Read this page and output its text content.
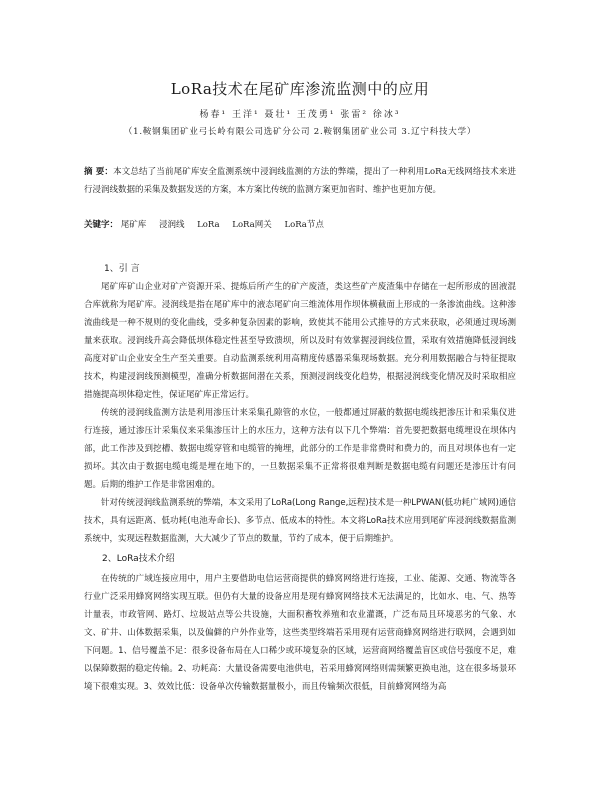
LoRa技术在尾矿库渗流监测中的应用
杨春¹ 王洋¹ 聂壮¹ 王茂勇¹ 张雷² 徐冰³
（1.鞍钢集团矿业弓长岭有限公司选矿分公司 2.鞍钢集团矿业公司 3.辽宁科技大学）
摘 要：本文总结了当前尾矿库安全监测系统中浸润线监测的方法的弊端，提出了一种利用LoRa无线网络技术来进行浸润线数据的采集及数据发送的方案，本方案比传统的监测方案更加省时、维护也更加方便。
关键字： 尾矿库 浸润线 LoRa LoRa网关 LoRa节点
1、引 言

尾矿库矿山企业对矿产资源开采、提炼后所产生的矿产废渣，类这些矿产废渣集中存储在一起所形成的固液混合库就称为尾矿库。浸润线是指在尾矿库中的液态尾矿向三维流体用作坝体横截面上形成的一条渗流曲线。这种渗流曲线是一种不规则的变化曲线，受多种复杂因素的影响，致使其不能用公式推导的方式来获取，必须通过现场测量来获取。浸润线升高会降低坝体稳定性甚至导致溃坝，所以及时有效掌握浸润线位置，采取有效措施降低浸润线高度对矿山企业安全生产至关重要。自动监测系统利用高精度传感器采集现场数据。充分利用数据融合与特征提取技术，构建浸润线预测模型，准确分析数据间潜在关系，预测浸润线变化趋势，根据浸润线变化情况及时采取相应措施提高坝体稳定性，保证尾矿库正常运行。

传统的浸润线监测方法是利用渗压计来采集孔隙管的水位，一般都通过屏蔽的数据电缆线把渗压计和采集仪进行连接，通过渗压计采集仪来采集渗压计上的水压力，这种方法有以下几个弊端：首先要把数据电缆埋设在坝体内部，此工作涉及到挖槽、数据电缆穿管和电缆管的掩埋，此部分的工作是非常费时和费力的，而且对坝体也有一定损坏。其次由于数据电缆电缆是埋在地下的，一旦数据采集不正常将很难判断是数据电缆有问题还是渗压计有问题。后期的维护工作是非常困难的。

针对传统浸润线监测系统的弊端，本文采用了LoRa(Long Range,远程)技术是一种LPWAN(低功耗广域网)通信技术，具有远距离、低功耗(电池寿命长)、多节点、低成本的特性。本文将LoRa技术应用到尾矿库浸润线数据监测系统中，实现远程数据监测，大大减少了节点的数量，节约了成本，便于后期维护。

2、LoRa技术介绍

在传统的广域连接应用中，用户主要借助电信运营商提供的蜂窝网络进行连接，工业、能源、交通、物流等各行业广泛采用蜂窝网络实现互联。但仍有大量的设备应用是现有蜂窝网络技术无法满足的，比如水、电、气、热等计量表，市政管网、路灯、垃圾站点等公共设施，大面积畜牧养殖和农业灌溉，广泛布局且环境恶劣的气象、水文、矿井、山体数据采集，以及偏僻的户外作业等，这些类型终端若采用现有运营商蜂窝网络进行联网，会遇到如下问题。1、信号覆盖不足：很多设备布局在人口稀少或环境复杂的区域，运营商网络覆盖盲区或信号强度不足，难以保障数据的稳定传输。2、功耗高：大量设备需要电池供电，若采用蜂窝网络则需频繁更换电池，这在很多场景环境下很难实现。3、效效比低：设备单次传输数据量极小，而且传输频次很低，目前蜂窝网络为高
